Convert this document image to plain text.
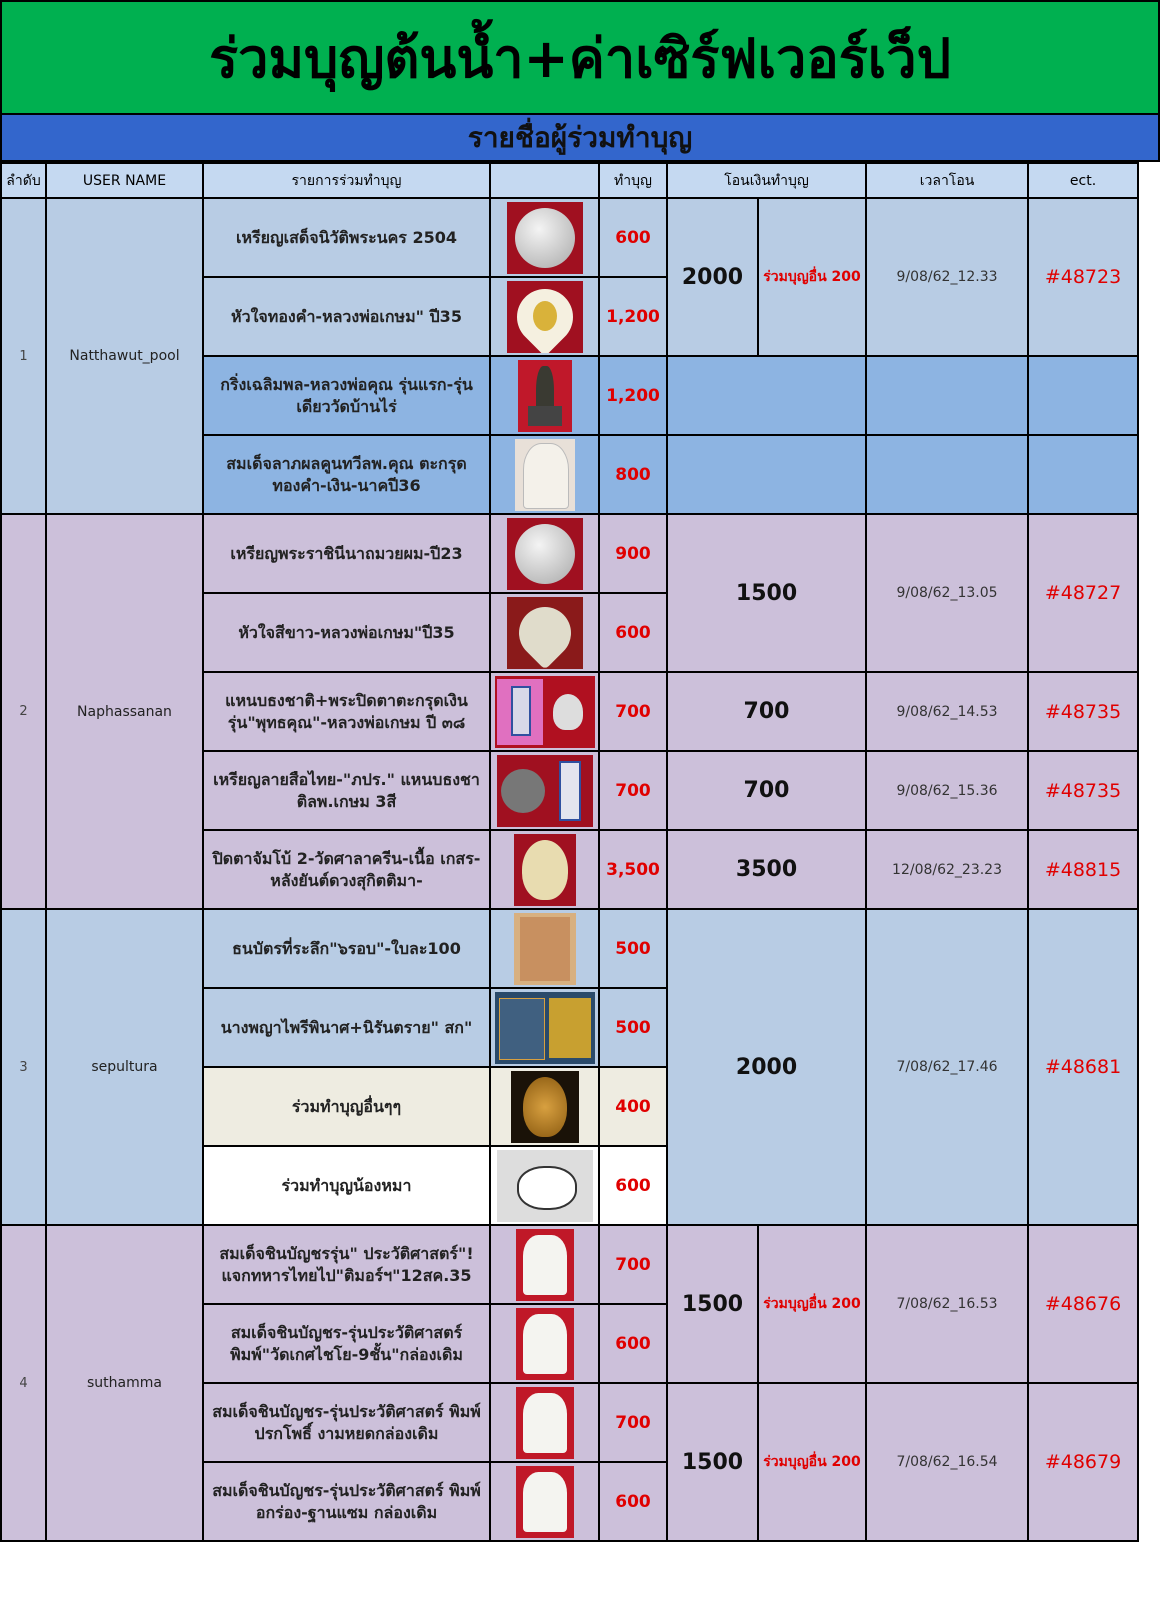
ร่วมบุญต้นน้ำ+ค่าเซิร์ฟเวอร์เว็ป
รายชื่อผู้ร่วมทำบุญ
ลำดับ	USER NAME	รายการร่วมทำบุญ		ทำบุญ	โอนเงินทำบุญ		เวลาโอน	ect.
1	Natthawut_pool	เหรียญเสด็จนิวัติพระนคร 2504		600	2000	ร่วมบุญอื่น 200	9/08/62_12.33	#48723
		หัวใจทองคำ-หลวงพ่อเกษม" ปี35		1,200				
		กริ่งเฉลิมพล-หลวงพ่อคุณ รุ่นแรก-รุ่นเดียววัดบ้านไร่		1,200				
		สมเด็จลาภผลคูนทวีลพ.คุณ ตะกรุดทองคำ-เงิน-นาคปี36		800				
2	Naphassanan	เหรียญพระราชินีนาถมวยผม-ปี23		900	1500		9/08/62_13.05	#48727
		หัวใจสีขาว-หลวงพ่อเกษม"ปี35		600				
		แหนบธงชาติ+พระปิดตาตะกรุดเงิน รุ่น"พุทธคุณ"-หลวงพ่อเกษม ปี ๓๘		700	700		9/08/62_14.53	#48735
		เหรียญลายสือไทย-"ภปร." แหนบธงชาติลพ.เกษม 3สี		700	700		9/08/62_15.36	#48735
		ปิดตาจัมโบ้ 2-วัดศาลาครีน-เนื้อ เกสร-หลังยันต์ดวงสุกิตติมา-		3,500	3500		12/08/62_23.23	#48815
3	sepultura	ธนบัตรที่ระลึก"๖รอบ"-ใบละ100		500	2000		7/08/62_17.46	#48681
		นางพญาไพรีพินาศ+นิรันตราย" สก"		500				
		ร่วมทำบุญอื่นๆๆ		400				
		ร่วมทำบุญน้องหมา		600				
4	suthamma	สมเด็จชินบัญชรรุ่น" ประวัติศาสตร์"! แจกทหารไทยไป"ติมอร์ฯ"12สค.35		700	1500	ร่วมบุญอื่น 200	7/08/62_16.53	#48676
		สมเด็จชินบัญชร-รุ่นประวัติศาสตร์ พิมพ์"วัดเกศไชโย-9ชั้น"กล่องเดิม		600				
		สมเด็จชินบัญชร-รุ่นประวัติศาสตร์ พิมพ์ปรกโพธิ์ งามหยดกล่องเดิม		700	1500	ร่วมบุญอื่น 200	7/08/62_16.54	#48679
		สมเด็จชินบัญชร-รุ่นประวัติศาสตร์ พิมพ์อกร่อง-ฐานแซม กล่องเดิม		600				
